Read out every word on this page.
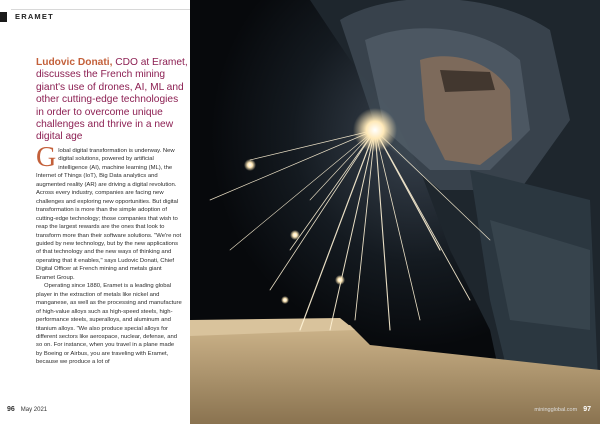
ERAMET
Ludovic Donati, CDO at Eramet, discusses the French mining giant's use of drones, AI, ML and other cutting-edge technologies in order to overcome unique challenges and thrive in a new digital age

Global digital transformation is underway. New digital solutions, powered by artificial intelligence (AI), machine learning (ML), the Internet of Things (IoT), Big Data analytics and augmented reality (AR) are driving a digital revolution. Across every industry, companies are facing new challenges and exploring new opportunities. But digital transformation is more than the simple adoption of cutting-edge technology; those companies that wish to reap the largest rewards are the ones that look to transform more than their software solutions. "We're not guided by new technology, but by the new applications of that technology and the new ways of thinking and operating that it enables," says Ludovic Donati, Chief Digital Officer at French mining and metals giant Eramet Group.

Operating since 1880, Eramet is a leading global player in the extraction of metals like nickel and manganese, as well as the processing and manufacture of high-value alloys such as high-speed steels, high-performance steels, superalloys, and aluminum and titanium alloys. "We also produce special alloys for different sectors like aerospace, nuclear, defense, and so on. For instance, when you travel in a plane made by Boeing or Airbus, you are traveling with Eramet, because we produce a lot of

96 May 2021	miningglobal.com 97
